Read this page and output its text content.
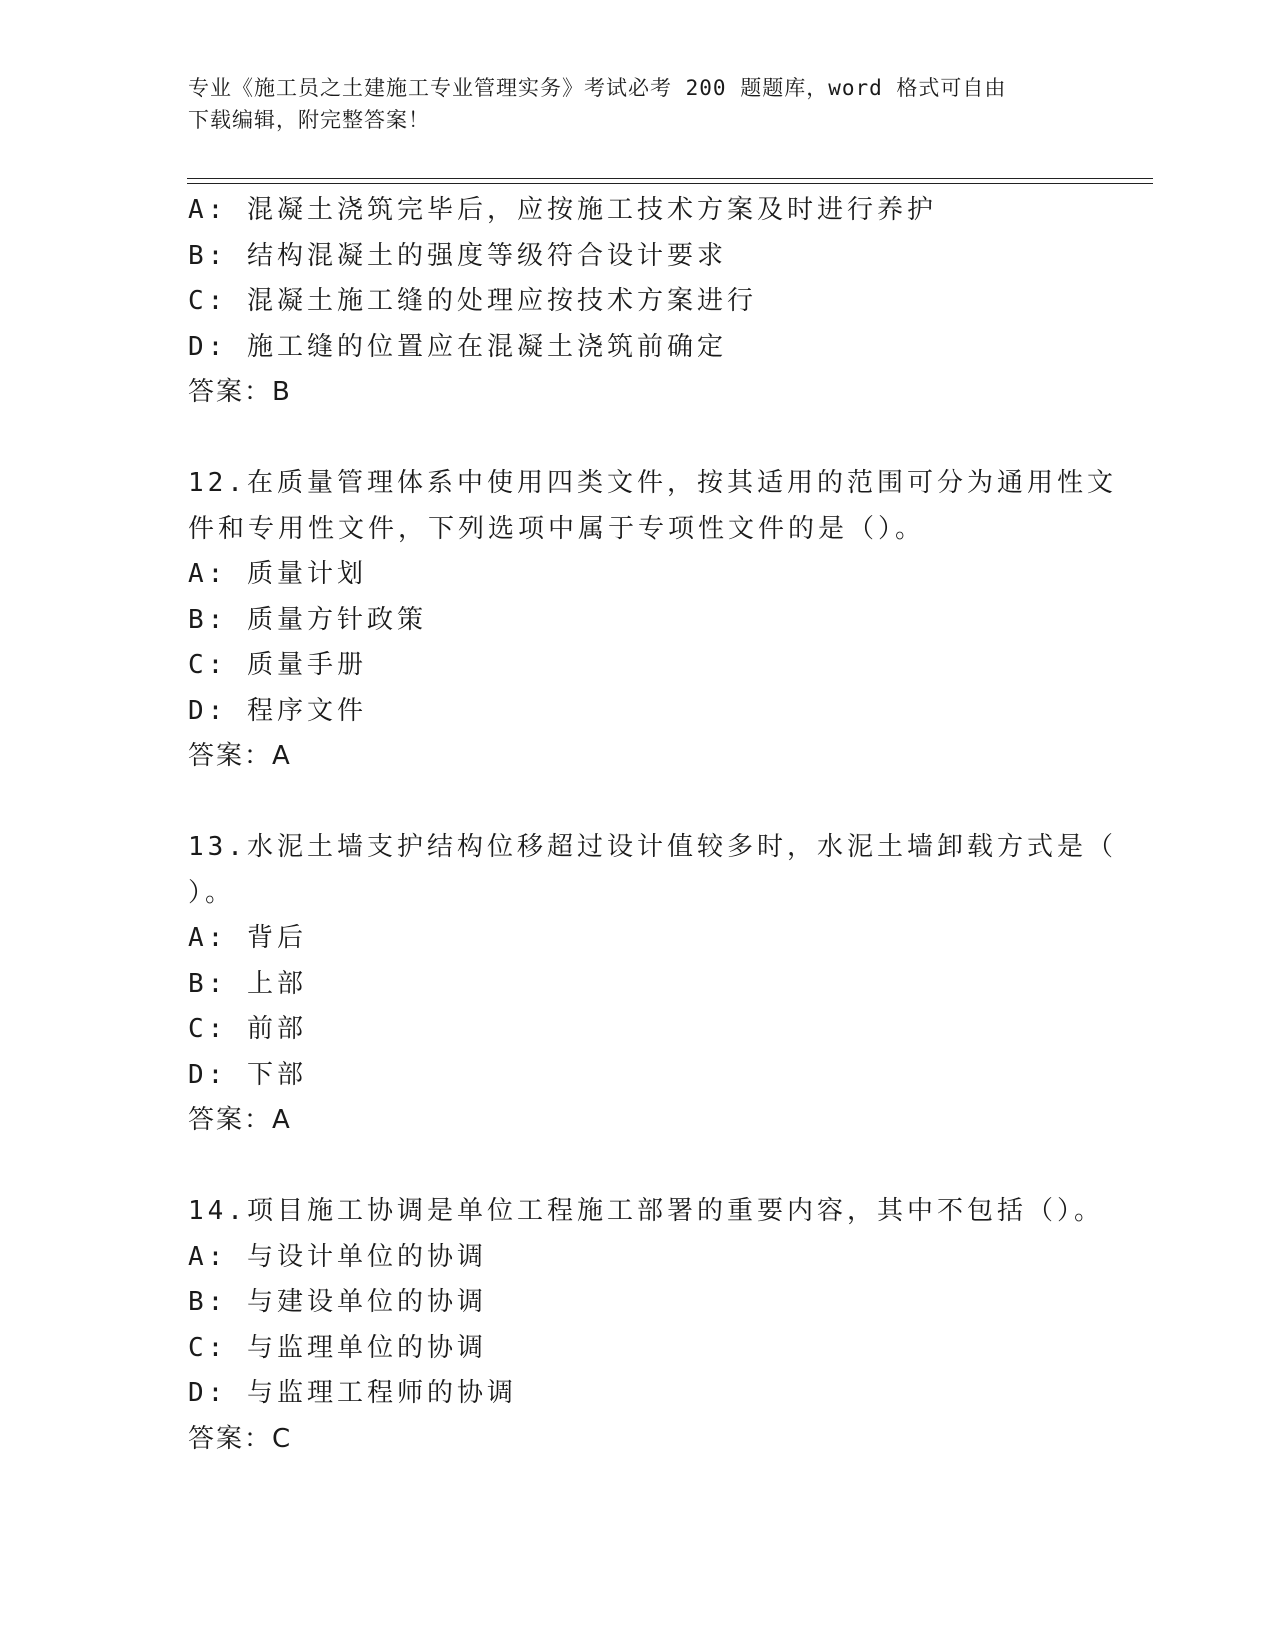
专业《施工员之土建施工专业管理实务》考试必考 200 题题库，word 格式可自由
下载编辑，附完整答案！
A: 混凝土浇筑完毕后，应按施工技术方案及时进行养护
B: 结构混凝土的强度等级符合设计要求
C: 混凝土施工缝的处理应按技术方案进行
D: 施工缝的位置应在混凝土浇筑前确定
答案：B
12.在质量管理体系中使用四类文件，按其适用的范围可分为通用性文
件和专用性文件，下列选项中属于专项性文件的是（）。
A: 质量计划
B: 质量方针政策
C: 质量手册
D: 程序文件
答案：A
13.水泥土墙支护结构位移超过设计值较多时，水泥土墙卸载方式是（
）。
A: 背后
B: 上部
C: 前部
D: 下部
答案：A
14.项目施工协调是单位工程施工部署的重要内容，其中不包括（）。
A: 与设计单位的协调
B: 与建设单位的协调
C: 与监理单位的协调
D: 与监理工程师的协调
答案：C
